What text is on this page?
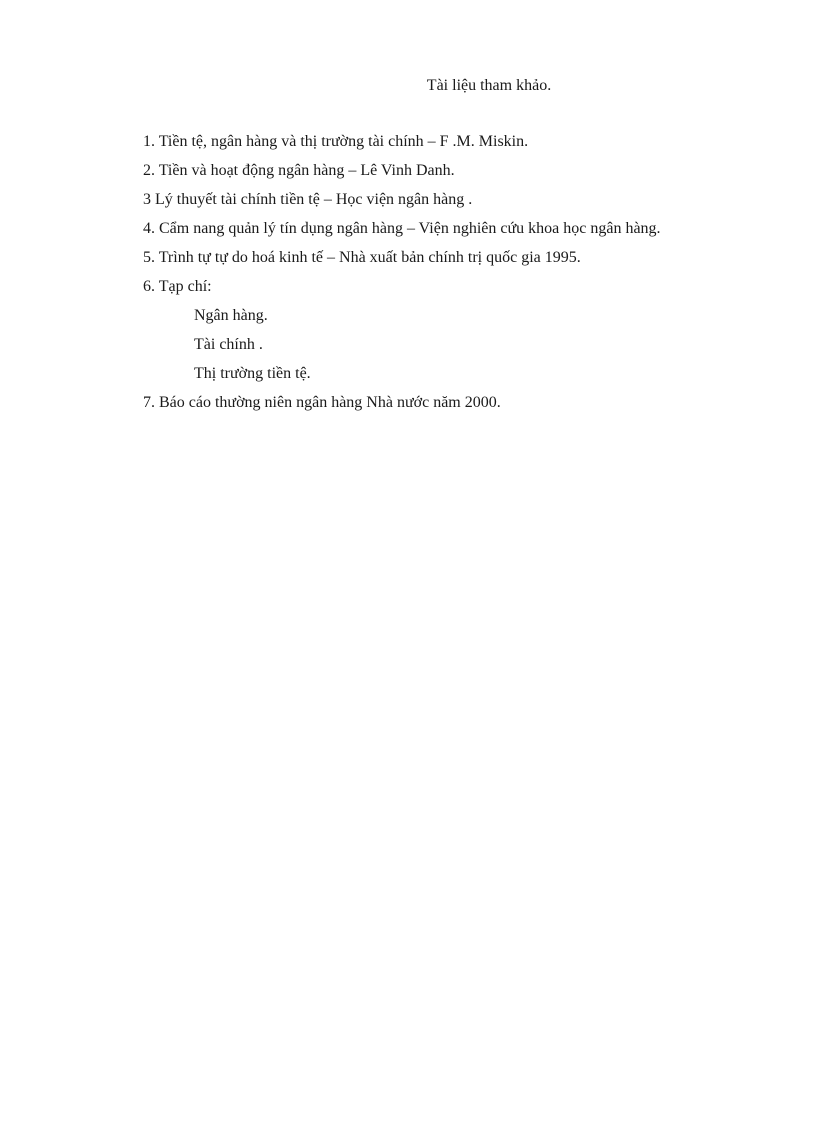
Tài liệu tham khảo.

1. Tiền tệ, ngân hàng và thị trường tài chính – F .M. Miskin.

2. Tiền và hoạt động ngân hàng – Lê Vinh Danh.

3 Lý thuyết tài chính tiền tệ – Học viện ngân hàng .

4. Cẩm nang quản lý tín dụng ngân hàng – Viện nghiên cứu khoa học ngân hàng.

5. Trình tự tự do hoá kinh tế – Nhà xuất bản chính trị quốc gia 1995.

6. Tạp chí:

Ngân hàng.

Tài chính .

Thị trường tiền tệ.

7. Báo cáo thường niên ngân hàng Nhà nước năm 2000.
